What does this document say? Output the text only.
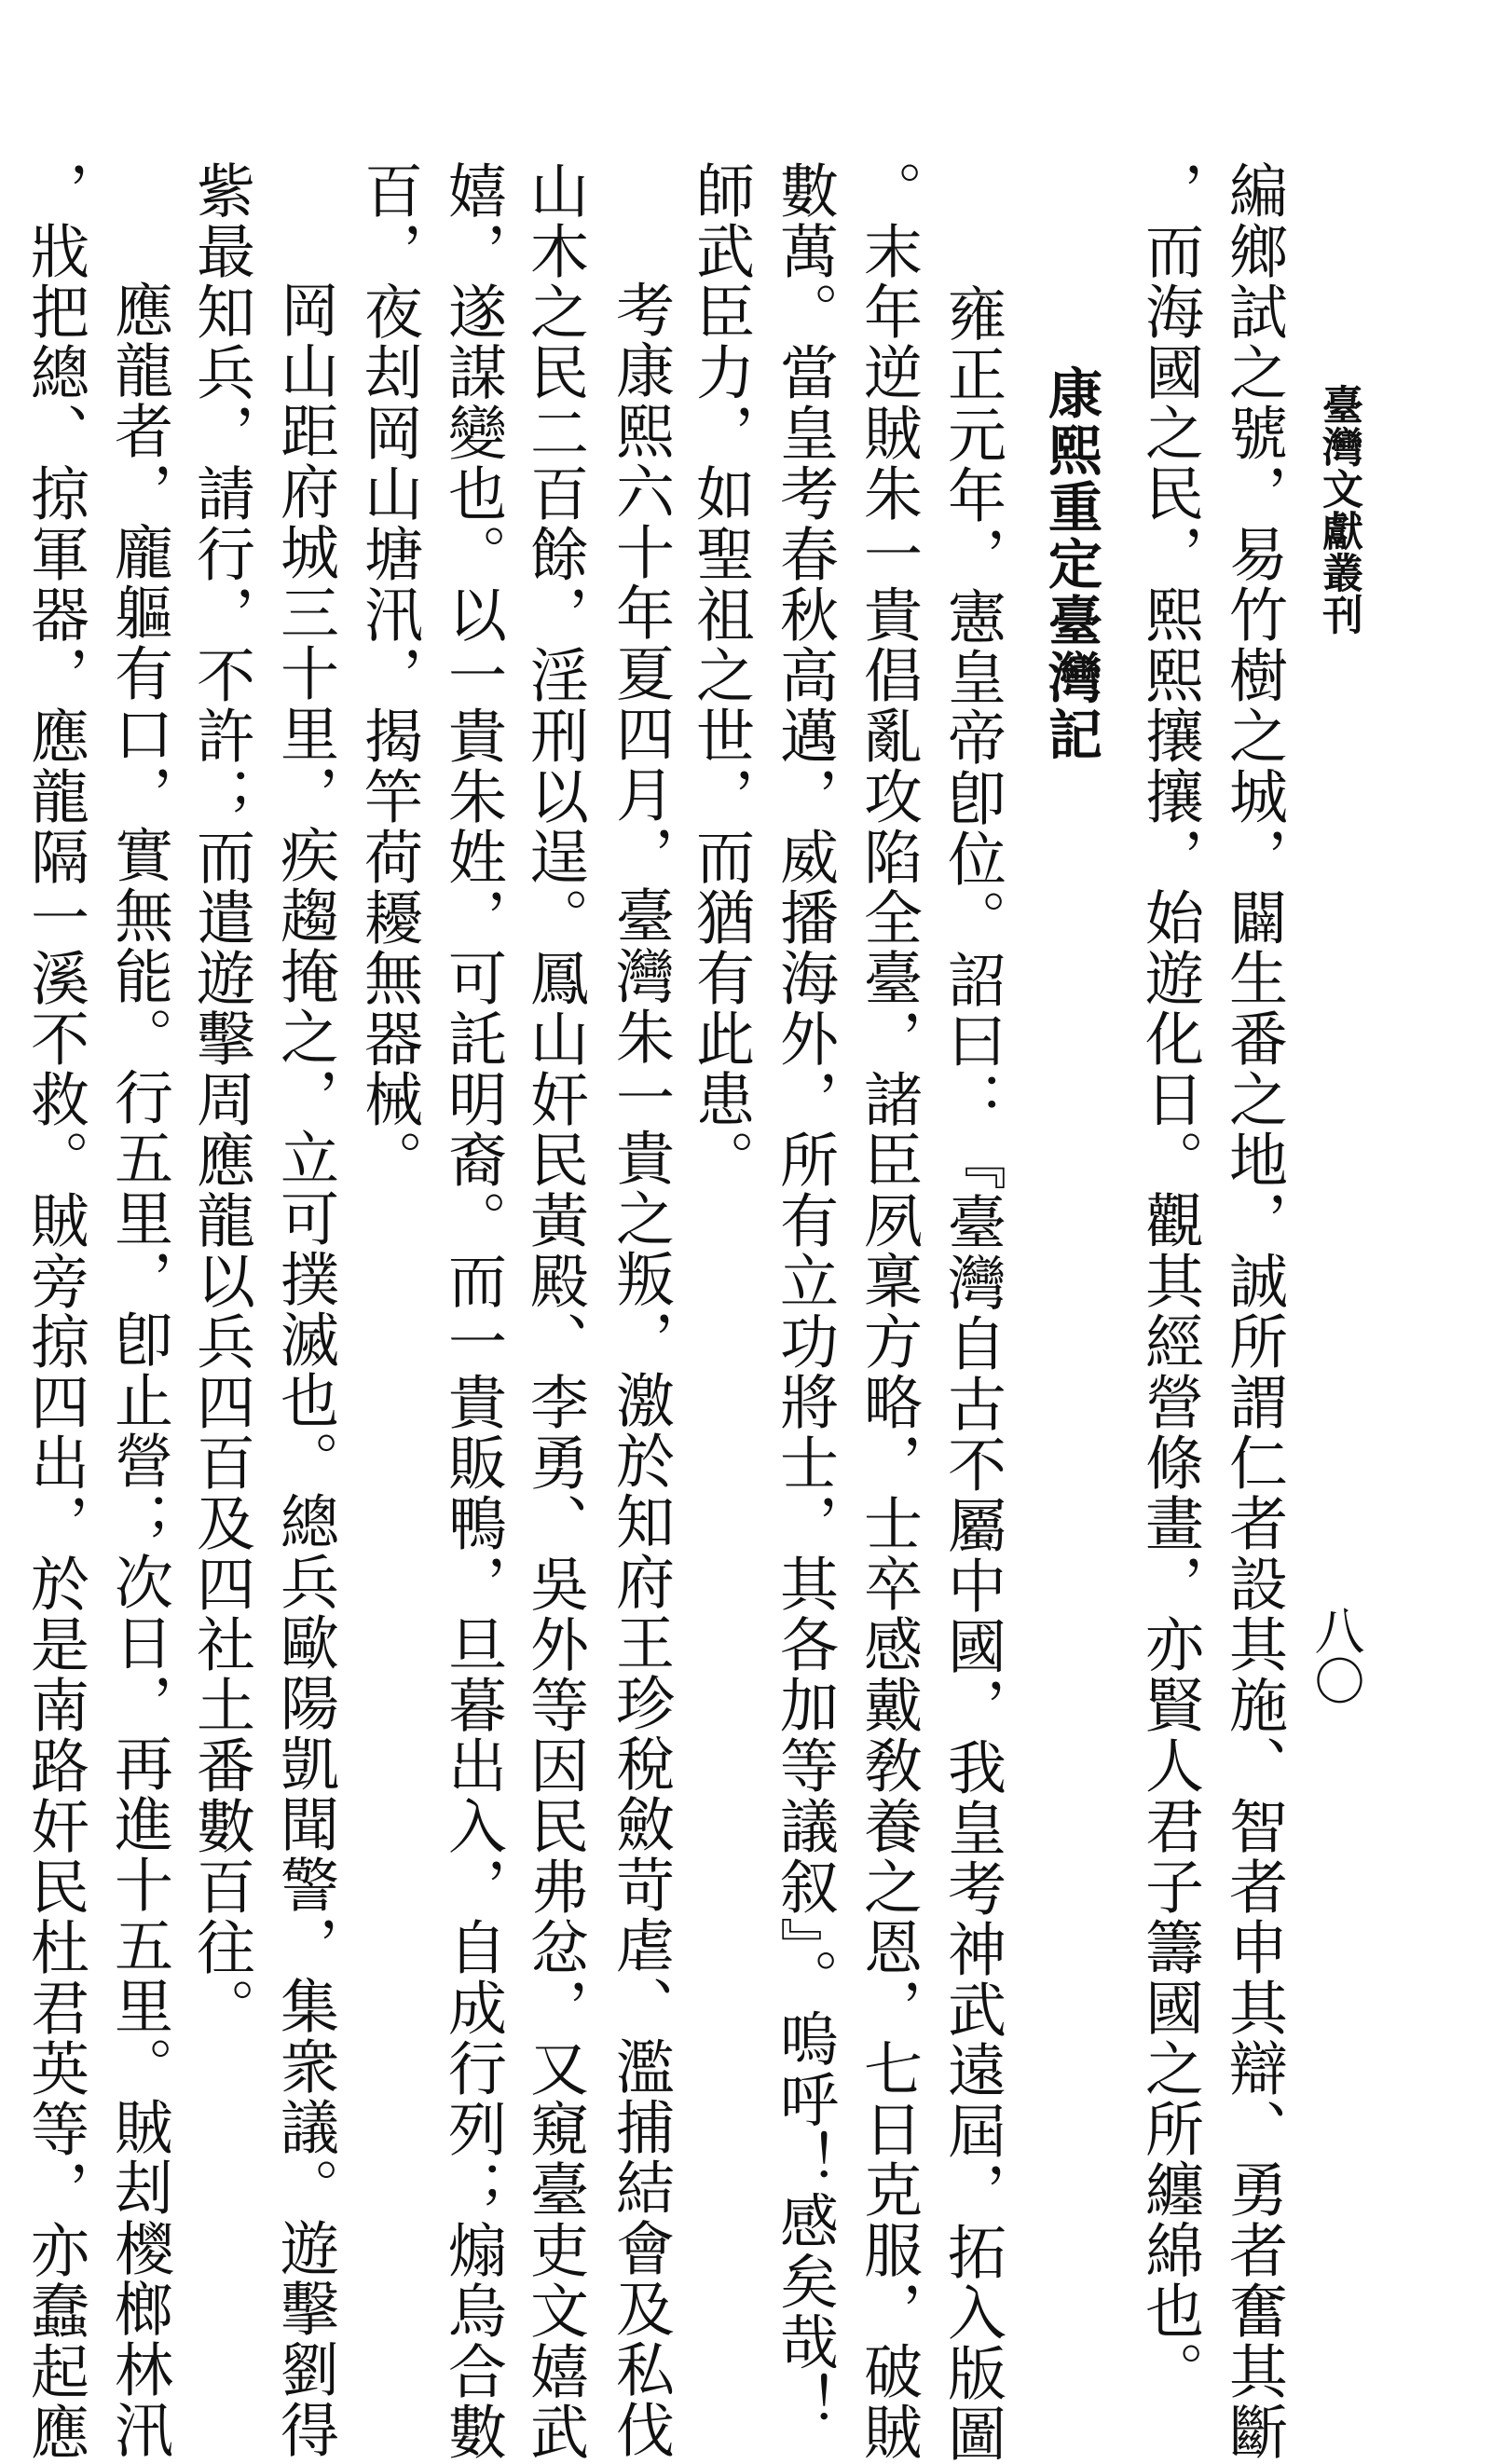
臺灣文獻叢刊
八〇
編鄉試之號，易竹樹之城，闢生番之地，誠所謂仁者設其施、智者申其辯、勇者奮其斷
，而海國之民，熙熙攘攘，始遊化日。觀其經營條畫，亦賢人君子籌國之所纏綿也。
康熙重定臺灣記
雍正元年，憲皇帝卽位。詔曰：『臺灣自古不屬中國，我皇考神武遠屆，拓入版圖
。末年逆賊朱一貴倡亂攻陷全臺，諸臣夙稟方略，士卒感戴敎養之恩，七日克服，破賊
數萬。當皇考春秋高邁，威播海外，所有立功將士，其各加等議叙』。嗚呼！感矣哉！
師武臣力，如聖祖之世，而猶有此患。
考康熙六十年夏四月，臺灣朱一貴之叛，激於知府王珍稅斂苛虐、濫捕結會及私伐
山木之民二百餘，淫刑以逞。鳳山奸民黃殿、李勇、吳外等因民弗忿，又窺臺吏文嬉武
嬉，遂謀變也。以一貴朱姓，可託明裔。而一貴販鴨，旦暮出入，自成行列；煽烏合數
百，夜刦岡山塘汛，揭竿荷耰無器械。
岡山距府城三十里，疾趨掩之，立可撲滅也。總兵歐陽凱聞警，集衆議。遊擊劉得
紫最知兵，請行，不許；而遣遊擊周應龍以兵四百及四社土番數百往。
應龍者，龐軀有口，實無能。行五里，卽止營；次日，再進十五里。賊刦㯶榔林汛
，戕把總、掠軍器，應龍隔一溪不救。賊旁掠四出，於是南路奸民杜君英等，亦蠢起應
